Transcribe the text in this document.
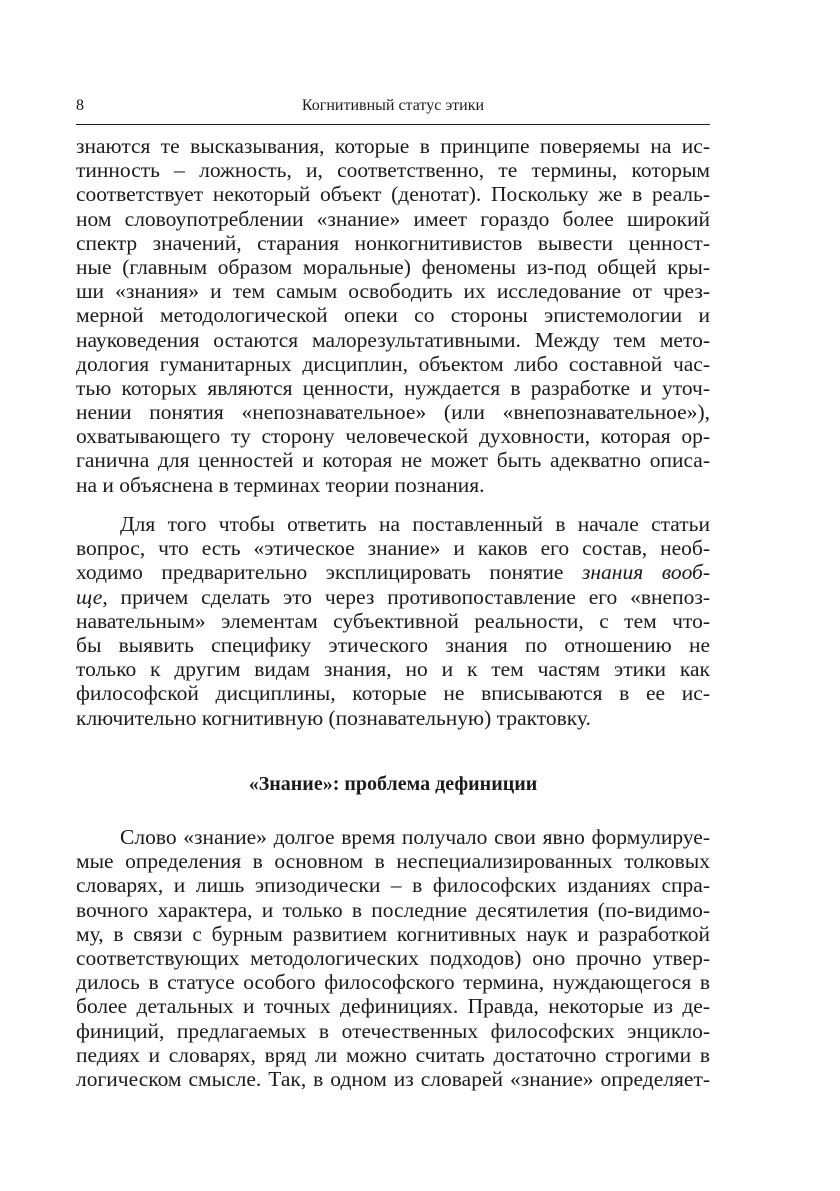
8	Когнитивный статус этики
знаются те высказывания, которые в принципе поверяемы на ис-
тинность – ложность, и, соответственно, те термины, которым
соответствует некоторый объект (денотат). Поскольку же в реаль-
ном словоупотреблении «знание» имеет гораздо более широкий
спектр значений, старания нонкогнитивистов вывести ценност-
ные (главным образом моральные) феномены из-под общей кры-
ши «знания» и тем самым освободить их исследование от чрез-
мерной методологической опеки со стороны эпистемологии и
науковедения остаются малорезультативными. Между тем мето-
дология гуманитарных дисциплин, объектом либо составной час-
тью которых являются ценности, нуждается в разработке и уточ-
нении понятия «непознавательное» (или «внепознавательное»),
охватывающего ту сторону человеческой духовности, которая ор-
ганична для ценностей и которая не может быть адекватно описа-
на и объяснена в терминах теории познания.
Для того чтобы ответить на поставленный в начале статьи
вопрос, что есть «этическое знание» и каков его состав, необ-
ходимо предварительно эксплицировать понятие знания вооб-
ще, причем сделать это через противопоставление его «внепоз-
навательным» элементам субъективной реальности, с тем что-
бы выявить специфику этического знания по отношению не
только к другим видам знания, но и к тем частям этики как
философской дисциплины, которые не вписываются в ее ис-
ключительно когнитивную (познавательную) трактовку.
«Знание»: проблема дефиниции
Слово «знание» долгое время получало свои явно формулируе-
мые определения в основном в неспециализированных толковых
словарях, и лишь эпизодически – в философских изданиях спра-
вочного характера, и только в последние десятилетия (по-видимо-
му, в связи с бурным развитием когнитивных наук и разработкой
соответствующих методологических подходов) оно прочно утвер-
дилось в статусе особого философского термина, нуждающегося в
более детальных и точных дефинициях. Правда, некоторые из де-
финиций, предлагаемых в отечественных философских энцикло-
педиях и словарях, вряд ли можно считать достаточно строгими в
логическом смысле. Так, в одном из словарей «знание» определяет-
